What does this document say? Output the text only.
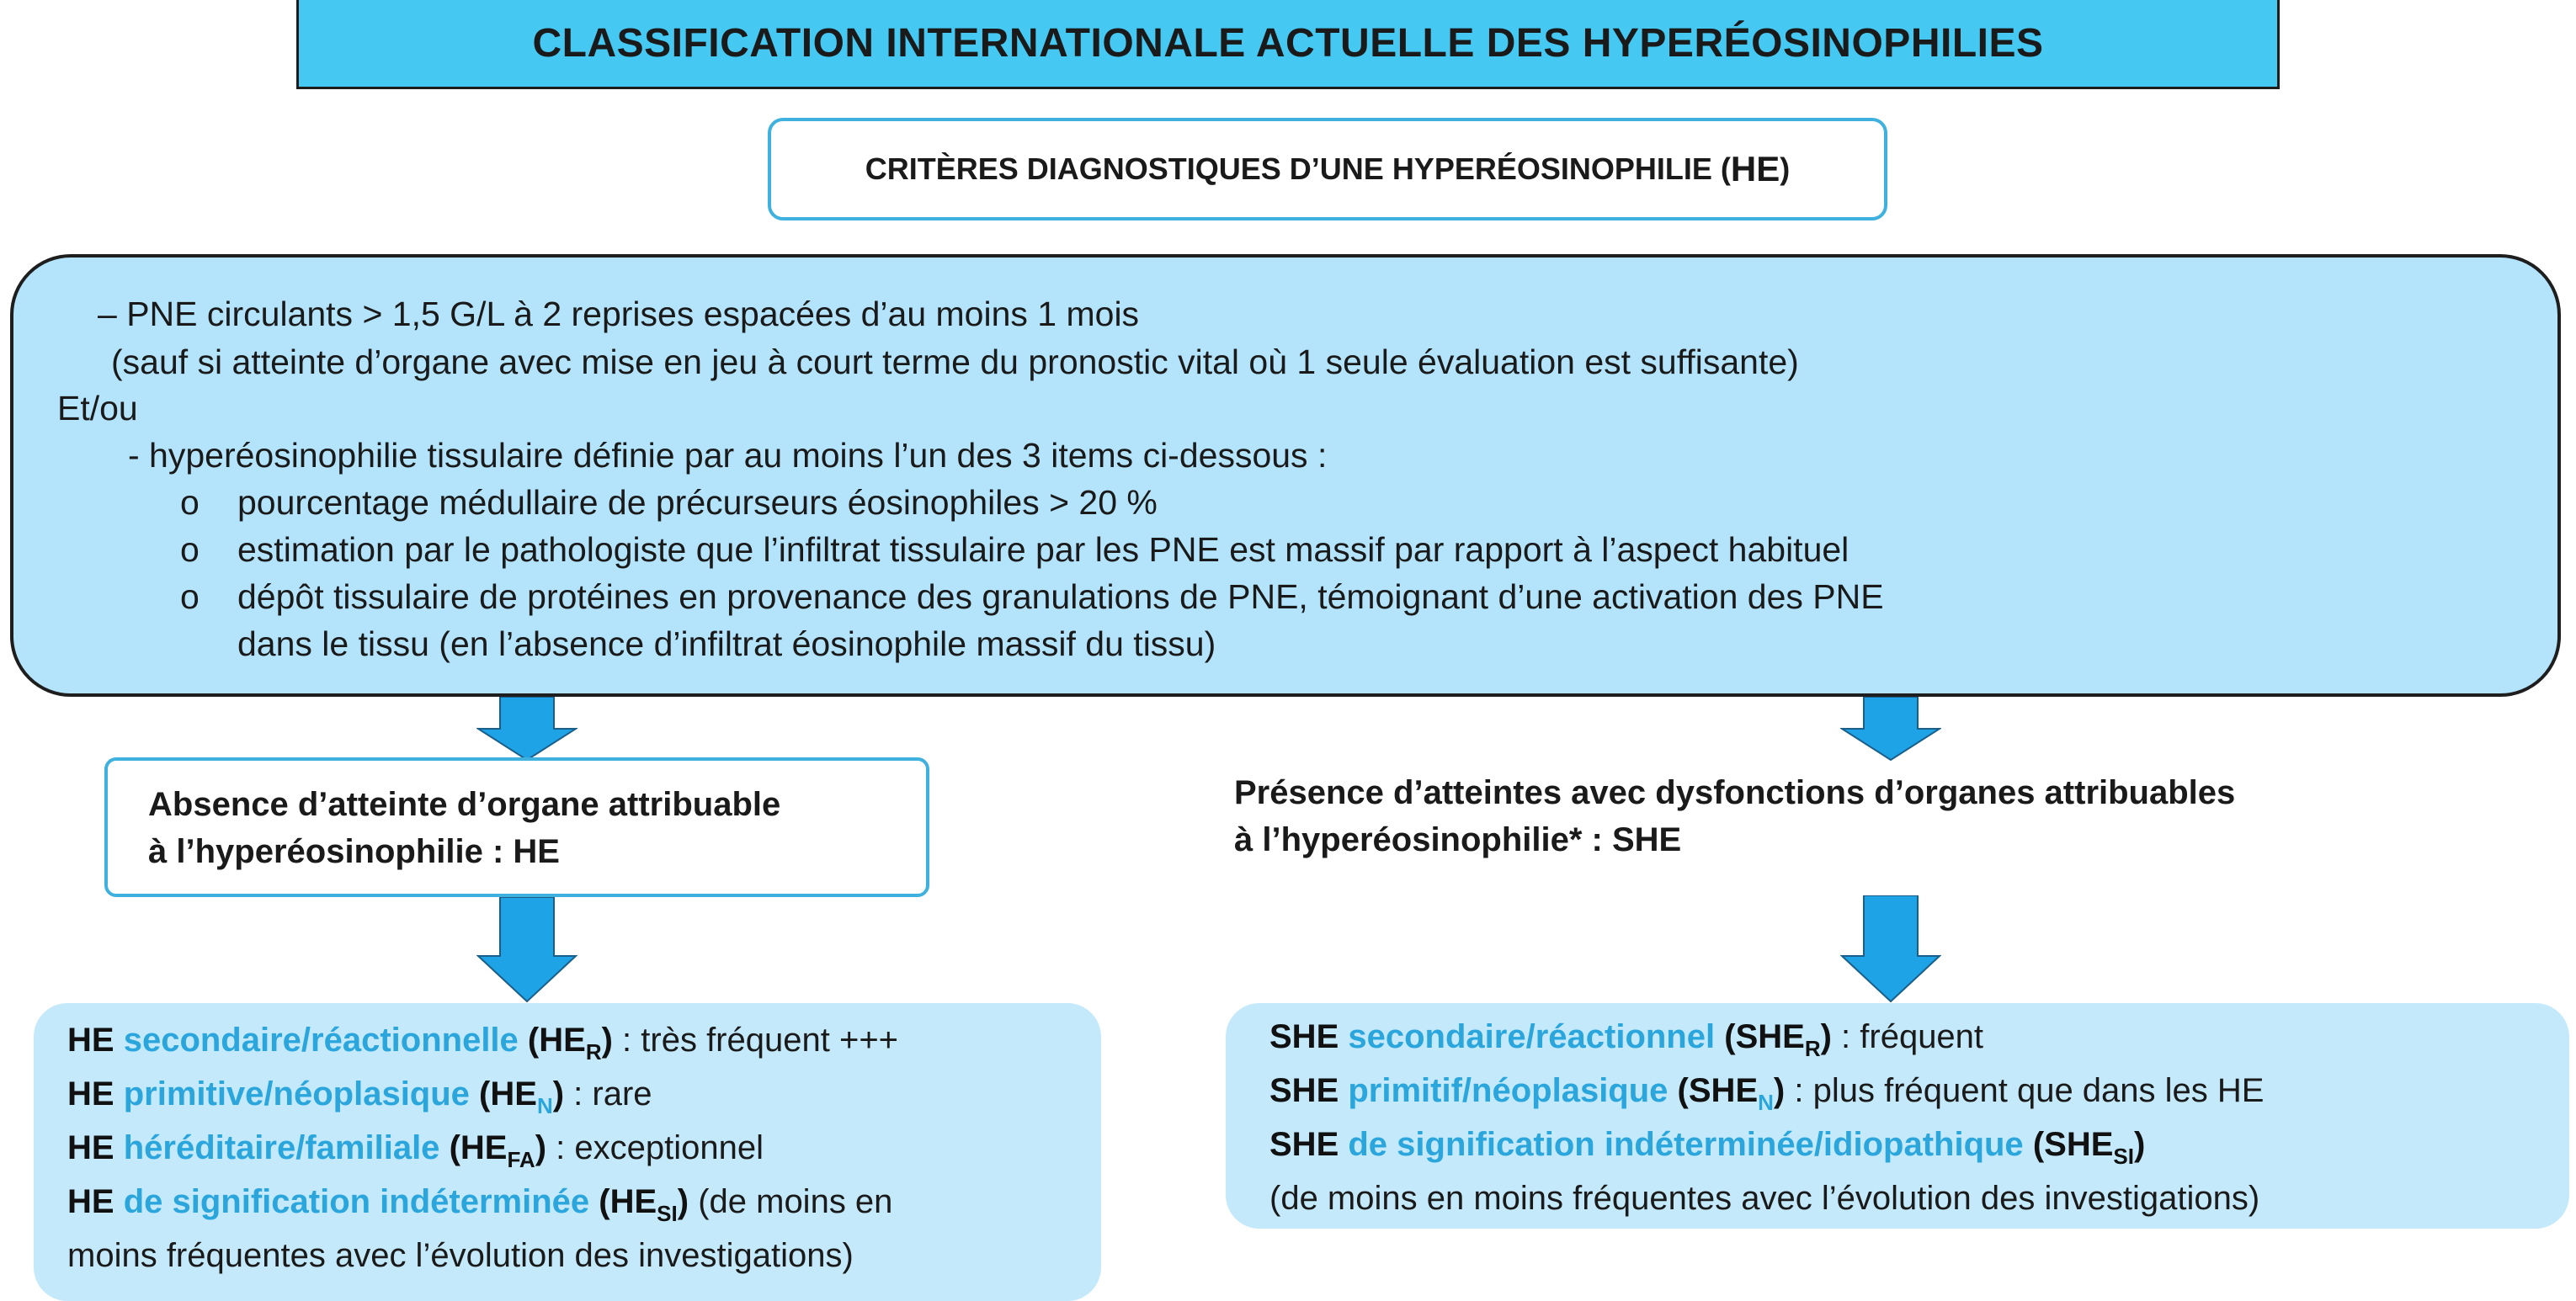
CLASSIFICATION INTERNATIONALE ACTUELLE DES HYPERÉOSINOPHILIES
CRITÈRES DIAGNOSTIQUES D’UNE HYPERÉOSINOPHILIE ( HE )
– PNE circulants > 1,5 G/L à 2 reprises espacées d’au moins 1 mois
(sauf si atteinte d’organe avec mise en jeu à court terme du pronostic vital où 1 seule évaluation est suffisante)
Et/ou
- hyperéosinophilie tissulaire définie par au moins l’un des 3 items ci-dessous :
o pourcentage médullaire de précurseurs éosinophiles > 20 %
o estimation par le pathologiste que l’infiltrat tissulaire par les PNE est massif par rapport à l’aspect habituel
o dépôt tissulaire de protéines en provenance des granulations de PNE, témoignant d’une activation des PNE
dans le tissu (en l’absence d’infiltrat éosinophile massif du tissu)
Absence d’atteinte d’organe attribuable
à l’hyperéosinophilie : HE
Présence d’atteintes avec dysfonctions d’organes attribuables
à l’hyperéosinophilie* : SHE
HE secondaire/réactionnelle $(HE_R)$ : très fréquent +++
HE primitive/néoplasique $(HE_N)$ : rare
HE héréditaire/familiale $(HE_{FA})$ : exceptionnel
HE de signification indéterminée $(HE_{SI})$ (de moins en
moins fréquentes avec l’évolution des investigations)
SHE secondaire/réactionnel $(SHE_R)$ : fréquent
SHE primitif/néoplasique $(SHE_N)$ : plus fréquent que dans les HE
SHE de signification indéterminée/idiopathique $(SHE_{SI})$
(de moins en moins fréquentes avec l’évolution des investigations)
